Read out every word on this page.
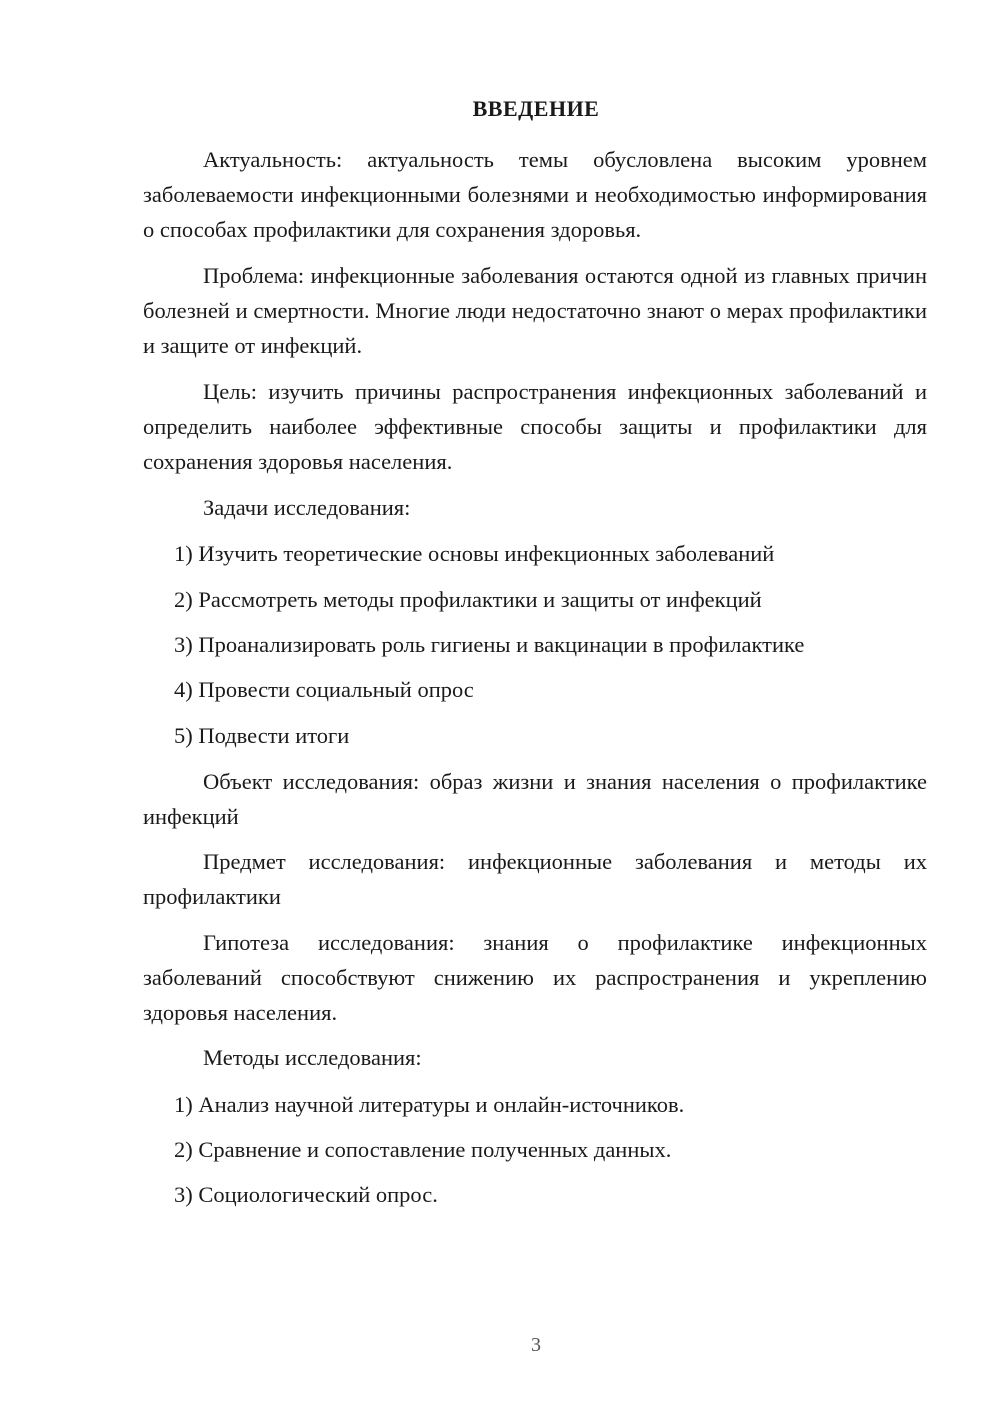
ВВЕДЕНИЕ

Актуальность: актуальность темы обусловлена высоким уровнем заболеваемости инфекционными болезнями и необходимостью информирования о способах профилактики для сохранения здоровья.

Проблема: инфекционные заболевания остаются одной из главных причин болезней и смертности. Многие люди недостаточно знают о мерах профилактики и защите от инфекций.

Цель: изучить причины распространения инфекционных заболеваний и определить наиболее эффективные способы защиты и профилактики для сохранения здоровья населения.

Задачи исследования:

1) Изучить теоретические основы инфекционных заболеваний

2) Рассмотреть методы профилактики и защиты от инфекций

3) Проанализировать роль гигиены и вакцинации в профилактике

4) Провести социальный опрос

5) Подвести итоги

Объект исследования: образ жизни и знания населения о профилактике инфекций

Предмет исследования: инфекционные заболевания и методы их профилактики

Гипотеза исследования: знания о профилактике инфекционных заболеваний способствуют снижению их распространения и укреплению здоровья населения.

Методы исследования:

1) Анализ научной литературы и онлайн-источников.

2) Сравнение и сопоставление полученных данных.

3) Социологический опрос.

3
